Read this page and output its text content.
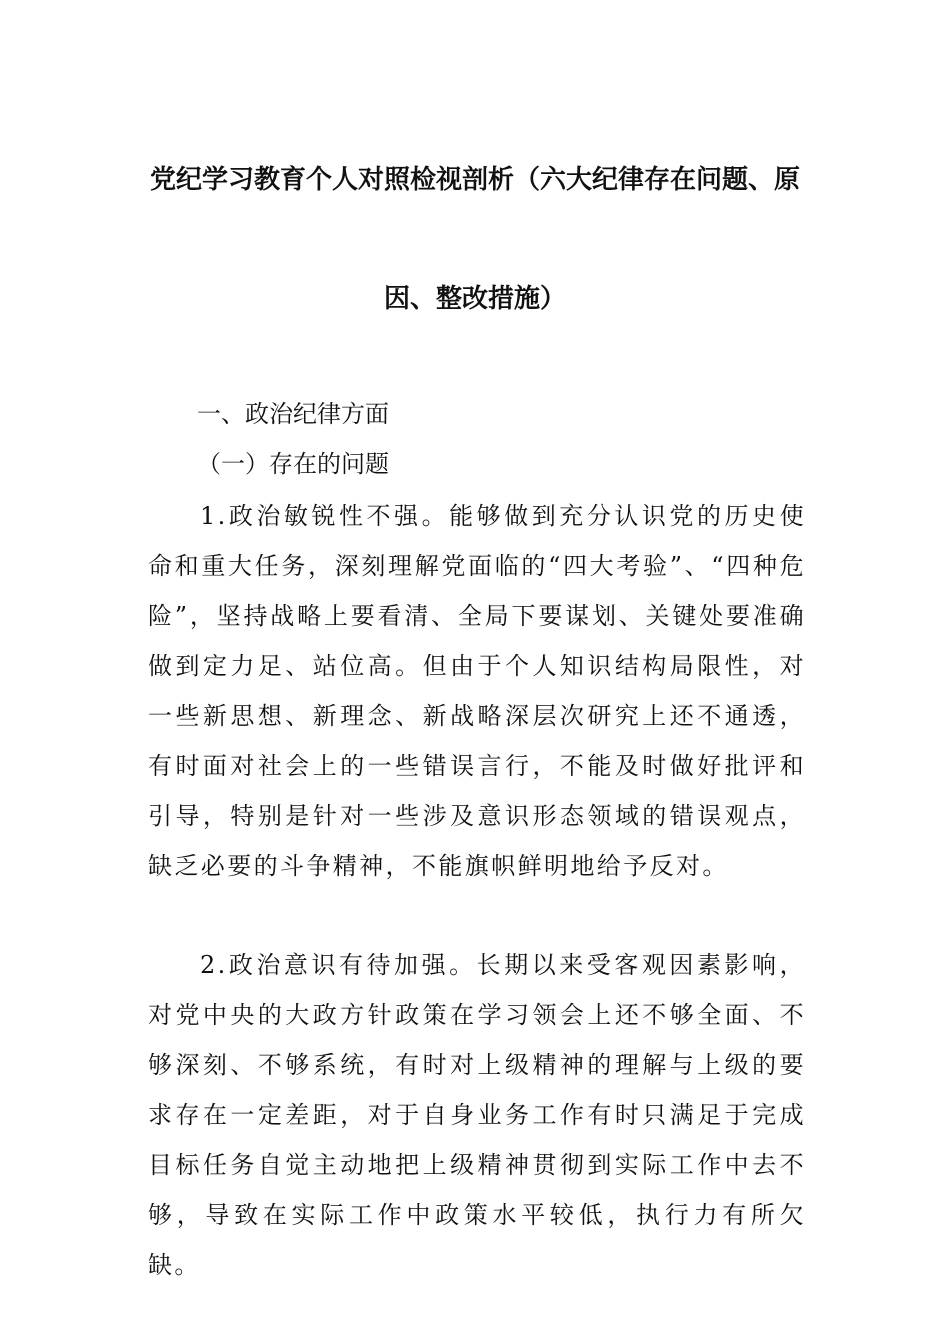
党纪学习教育个人对照检视剖析（六大纪律存在问题、原
因、整改措施）
一、政治纪律方面
（一）存在的问题

1.政治敏锐性不强。能够做到充分认识党的历史使命和重大任务，深刻理解党面临的“四大考验”、“四种危险”，坚持战略上要看清、全局下要谋划、关键处要准确做到定力足、站位高。但由于个人知识结构局限性，对一些新思想、新理念、新战略深层次研究上还不通透，有时面对社会上的一些错误言行，不能及时做好批评和引导，特别是针对一些涉及意识形态领域的错误观点，缺乏必要的斗争精神，不能旗帜鲜明地给予反对。

2.政治意识有待加强。长期以来受客观因素影响，对党中央的大政方针政策在学习领会上还不够全面、不够深刻、不够系统，有时对上级精神的理解与上级的要求存在一定差距，对于自身业务工作有时只满足于完成目标任务自觉主动地把上级精神贯彻到实际工作中去不够，导致在实际工作中政策水平较低，执行力有所欠缺。
